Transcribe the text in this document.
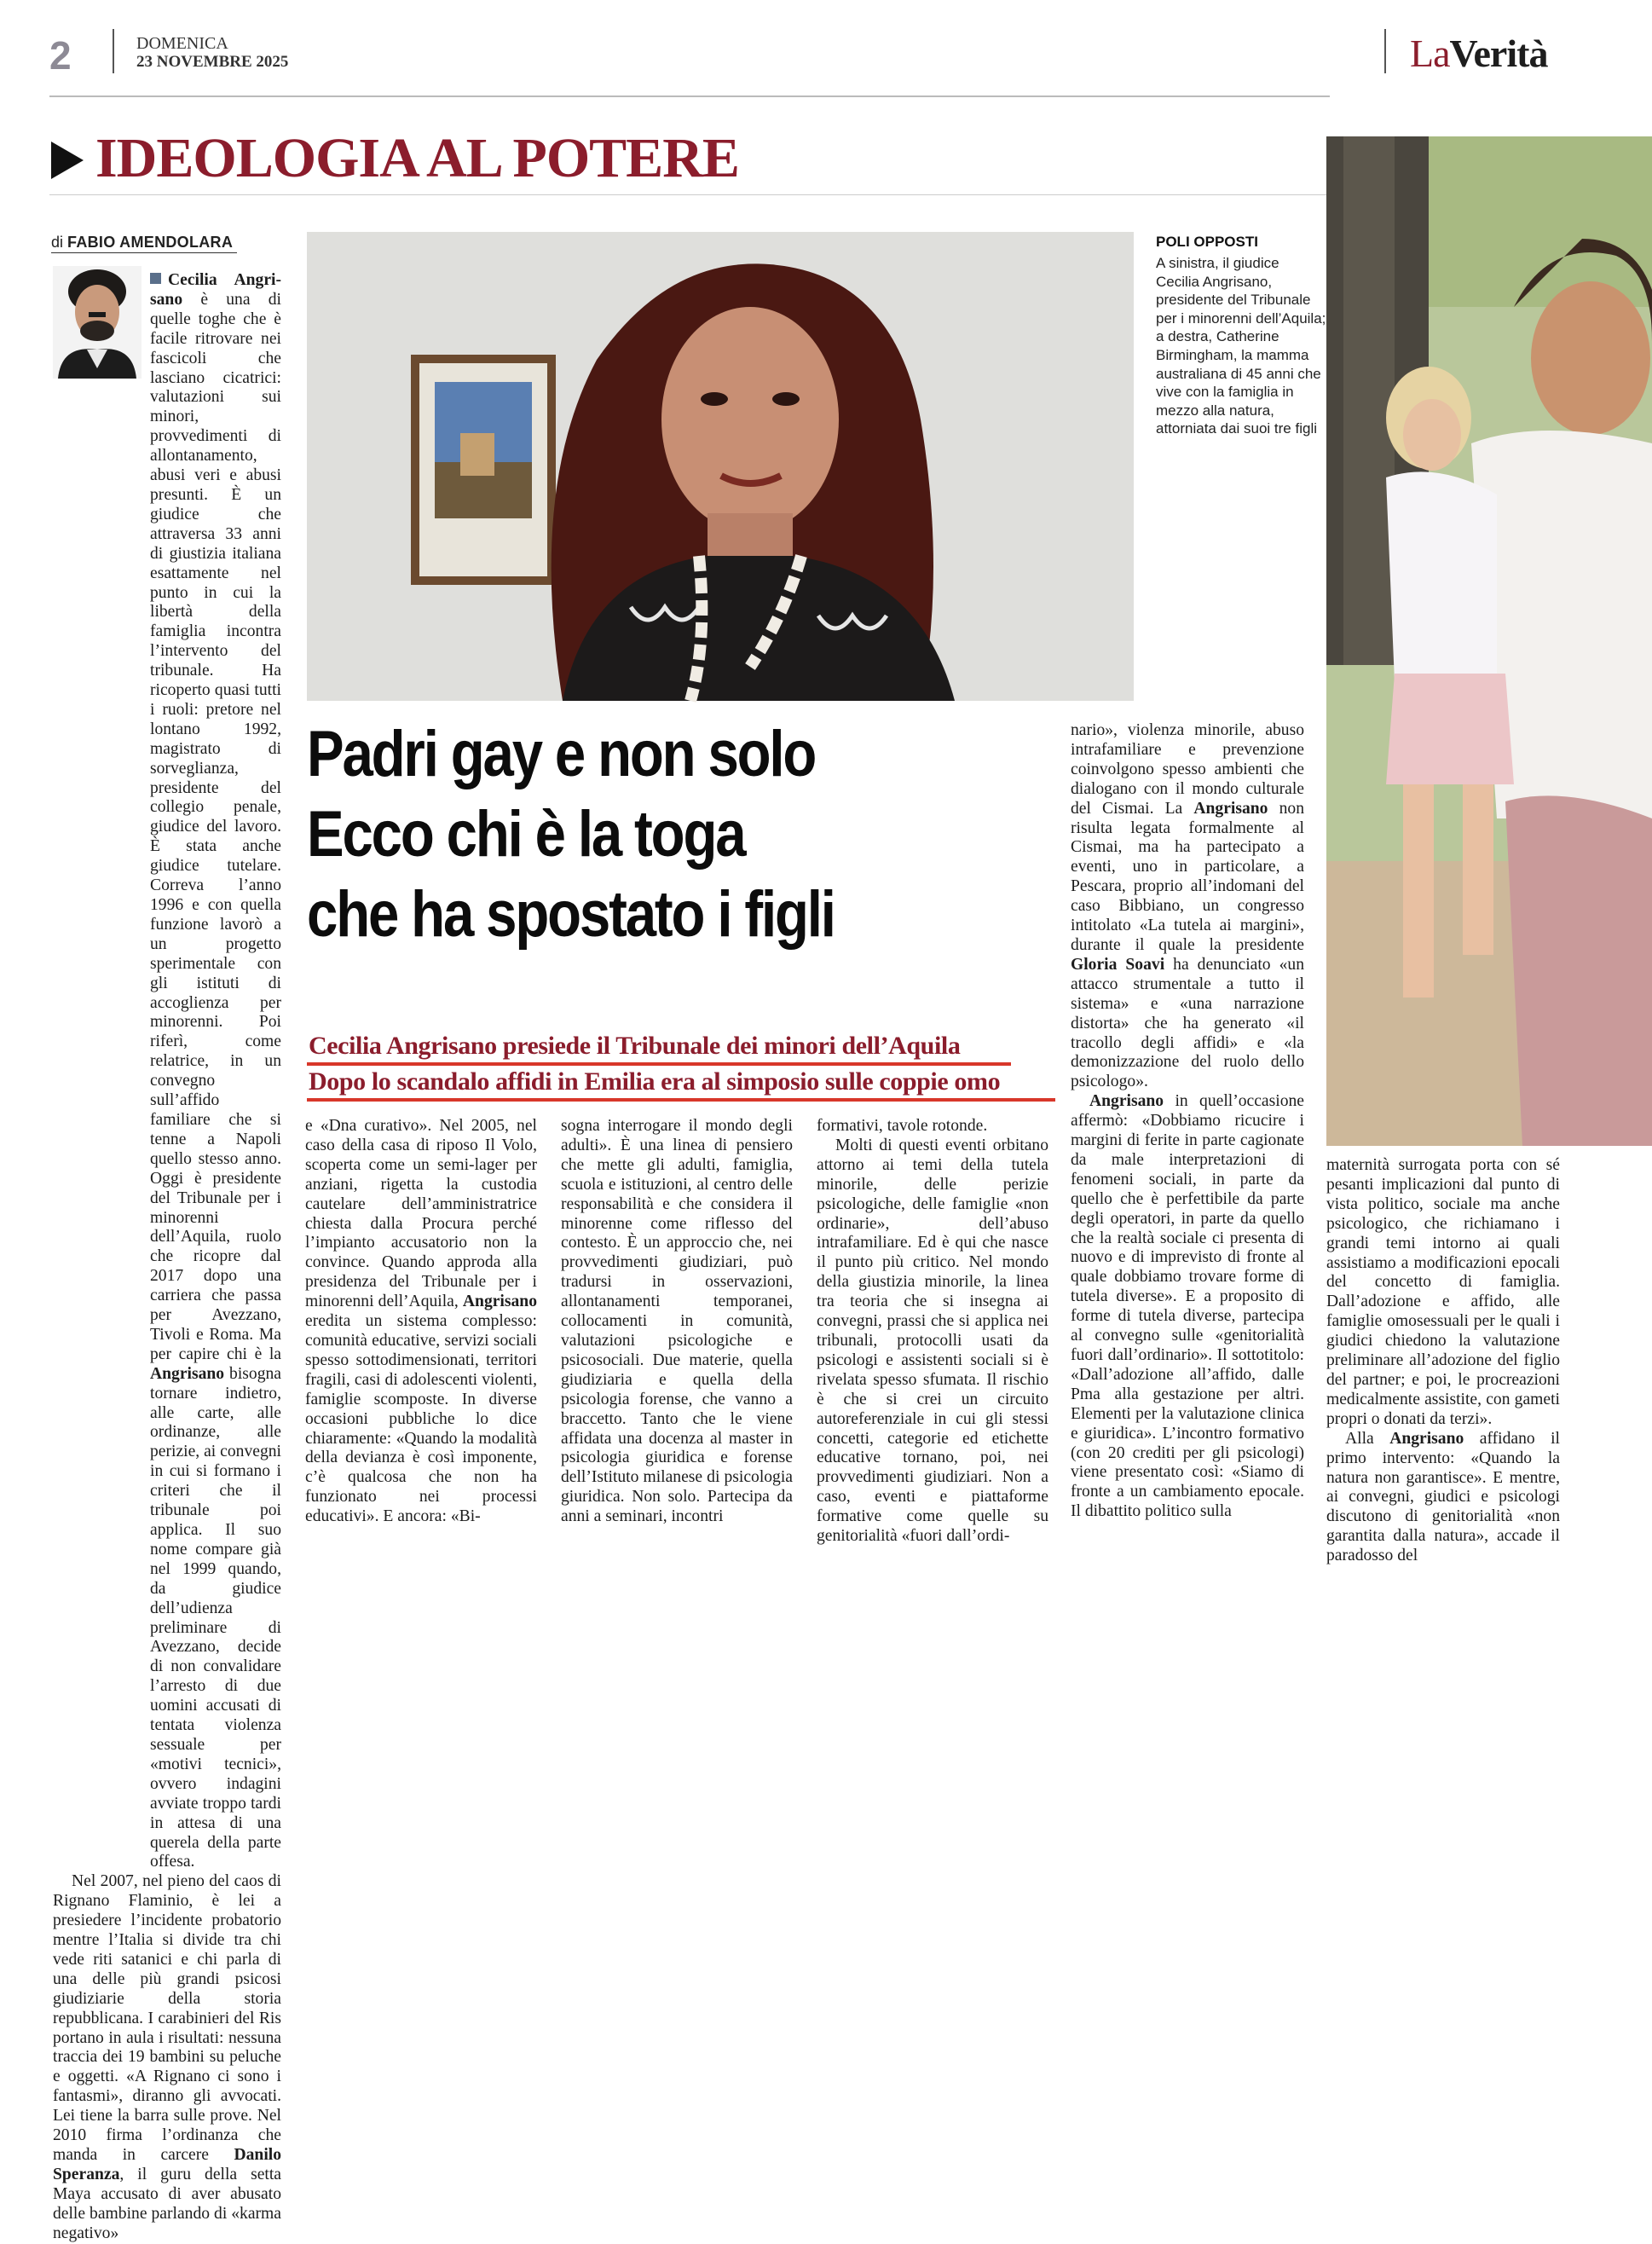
2	DOMENICA
23 NOVEMBRE 2025	LaVerità
IDEOLOGIA AL POTERE
di FABIO AMENDOLARA

Cecilia Angri-sano è una di quelle toghe che è facile ritrovare nei fascicoli che lasciano cicatrici: valutazioni sui minori, provvedimenti di allontanamento, abusi veri e abusi presunti. È un giudice che attraversa 33 anni di giustizia italiana esattamente nel punto in cui la libertà della famiglia incontra l’intervento del tribunale. Ha ricoperto quasi tutti i ruoli: pretore nel lontano 1992, magistrato di sorveglianza, presidente del collegio penale, giudice del lavoro. È stata anche giudice tutelare. Correva l’anno 1996 e con quella funzione lavorò a un progetto sperimentale con gli istituti di accoglienza per minorenni. Poi riferì, come relatrice, in un convegno sull’affido familiare che si tenne a Napoli quello stesso anno. Oggi è presidente del Tribunale per i minorenni dell’Aquila, ruolo che ricopre dal 2017 dopo una carriera che passa per Avezzano, Tivoli e Roma. Ma per capire chi è la Angrisano bisogna tornare indietro, alle carte, alle ordinanze, alle perizie, ai convegni in cui si formano i criteri che il tribunale poi applica. Il suo nome compare già nel 1999 quando, da giudice dell’udienza preliminare di Avezzano, decide di non convalidare l’arresto di due uomini accusati di tentata violenza sessuale per «motivi tecnici», ovvero indagini avviate troppo tardi in attesa di una querela della parte offesa.

Nel 2007, nel pieno del caos di Rignano Flaminio, è lei a presiedere l’incidente probatorio mentre l’Italia si divide tra chi vede riti satanici e chi parla di una delle più grandi psicosi giudiziarie della storia repubblicana. I carabinieri del Ris portano in aula i risultati: nessuna traccia dei 19 bambini su peluche e oggetti. «A Rignano ci sono i fantasmi», diranno gli avvocati. Lei tiene la barra sulle prove. Nel 2010 firma l’ordinanza che manda in carcere Danilo Speranza, il guru della setta Maya accusato di aver abusato delle bambine parlando di «karma negativo»

POLI OPPOSTI
A sinistra, il giudice Cecilia Angrisano, presidente del Tribunale per i minorenni dell’Aquila; a destra, Catherine Birmingham, la mamma australiana di 45 anni che vive con la famiglia in mezzo alla natura, attorniata dai suoi tre figli
Padri gay e non solo
Ecco chi è la toga
che ha spostato i figli
Cecilia Angrisano presiede il Tribunale dei minori dell’Aquila
Dopo lo scandalo affidi in Emilia era al simposio sulle coppie omo

e «Dna curativo». Nel 2005, nel caso della casa di riposo Il Volo, scoperta come un semi-lager per anziani, rigetta la custodia cautelare dell’amministratrice chiesta dalla Procura perché l’impianto accusatorio non la convince. Quando approda alla presidenza del Tribunale per i minorenni dell’Aquila, Angrisano eredita un sistema complesso: comunità educative, servizi sociali spesso sottodimensionati, territori fragili, casi di adolescenti violenti, famiglie scomposte. In diverse occasioni pubbliche lo dice chiaramente: «Quando la modalità della devianza è così imponente, c’è qualcosa che non ha funzionato nei processi educativi». E ancora: «Bi-

sogna interrogare il mondo degli adulti». È una linea di pensiero che mette gli adulti, famiglia, scuola e istituzioni, al centro delle responsabilità e che considera il minorenne come riflesso del contesto. È un approccio che, nei provvedimenti giudiziari, può tradursi in osservazioni, allontanamenti temporanei, collocamenti in comunità, valutazioni psicologiche e psicosociali. Due materie, quella giudiziaria e quella della psicologia forense, che vanno a braccetto. Tanto che le viene affidata una docenza al master in psicologia giuridica e forense dell’Istituto milanese di psicologia giuridica. Non solo. Partecipa da anni a seminari, incontri

formativi, tavole rotonde.

Molti di questi eventi orbitano attorno ai temi della tutela minorile, delle perizie psicologiche, delle famiglie «non ordinarie», dell’abuso intrafamiliare. Ed è qui che nasce il punto più critico. Nel mondo della giustizia minorile, la linea tra teoria che si insegna ai convegni, prassi che si applica nei tribunali, protocolli usati da psicologi e assistenti sociali si è rivelata spesso sfumata. Il rischio è che si crei un circuito autoreferenziale in cui gli stessi concetti, categorie ed etichette educative tornano, poi, nei provvedimenti giudiziari. Non a caso, eventi e piattaforme formative come quelle su genitorialità «fuori dall’ordi-

nario», violenza minorile, abuso intrafamiliare e prevenzione coinvolgono spesso ambienti che dialogano con il mondo culturale del Cismai. La Angrisano non risulta legata formalmente al Cismai, ma ha partecipato a eventi, uno in particolare, a Pescara, proprio all’indomani del caso Bibbiano, un congresso intitolato «La tutela ai margini», durante il quale la presidente Gloria Soavi ha denunciato «un attacco strumentale a tutto il sistema» e «una narrazione distorta» che ha generato «il tracollo degli affidi» e «la demonizzazione del ruolo dello psicologo».

Angrisano in quell’occasione affermò: «Dobbiamo ricucire i margini di ferite in parte cagionate da male interpretazioni di fenomeni sociali, in parte da quello che è perfettibile da parte degli operatori, in parte da quello che la realtà sociale ci presenta di nuovo e di imprevisto di fronte al quale dobbiamo trovare forme di tutela diverse». E a proposito di forme di tutela diverse, partecipa al convegno sulle «genitorialità fuori dall’ordinario». Il sottotitolo: «Dall’adozione all’affido, dalle Pma alla gestazione per altri. Elementi per la valutazione clinica e giuridica». L’incontro formativo (con 20 crediti per gli psicologi) viene presentato così: «Siamo di fronte a un cambiamento epocale. Il dibattito politico sulla

maternità surrogata porta con sé pesanti implicazioni dal punto di vista politico, sociale ma anche psicologico, che richiamano i grandi temi intorno ai quali assistiamo a modificazioni epocali del concetto di famiglia. Dall’adozione e affido, alle famiglie omosessuali per le quali i giudici chiedono la valutazione preliminare all’adozione del figlio del partner; e poi, le procreazioni medicalmente assistite, con gameti propri o donati da terzi».

Alla Angrisano affidano il primo intervento: «Quando la natura non garantisce». E mentre, ai convegni, giudici e psicologi discutono di genitorialità «non garantita dalla natura», accade il paradosso del
